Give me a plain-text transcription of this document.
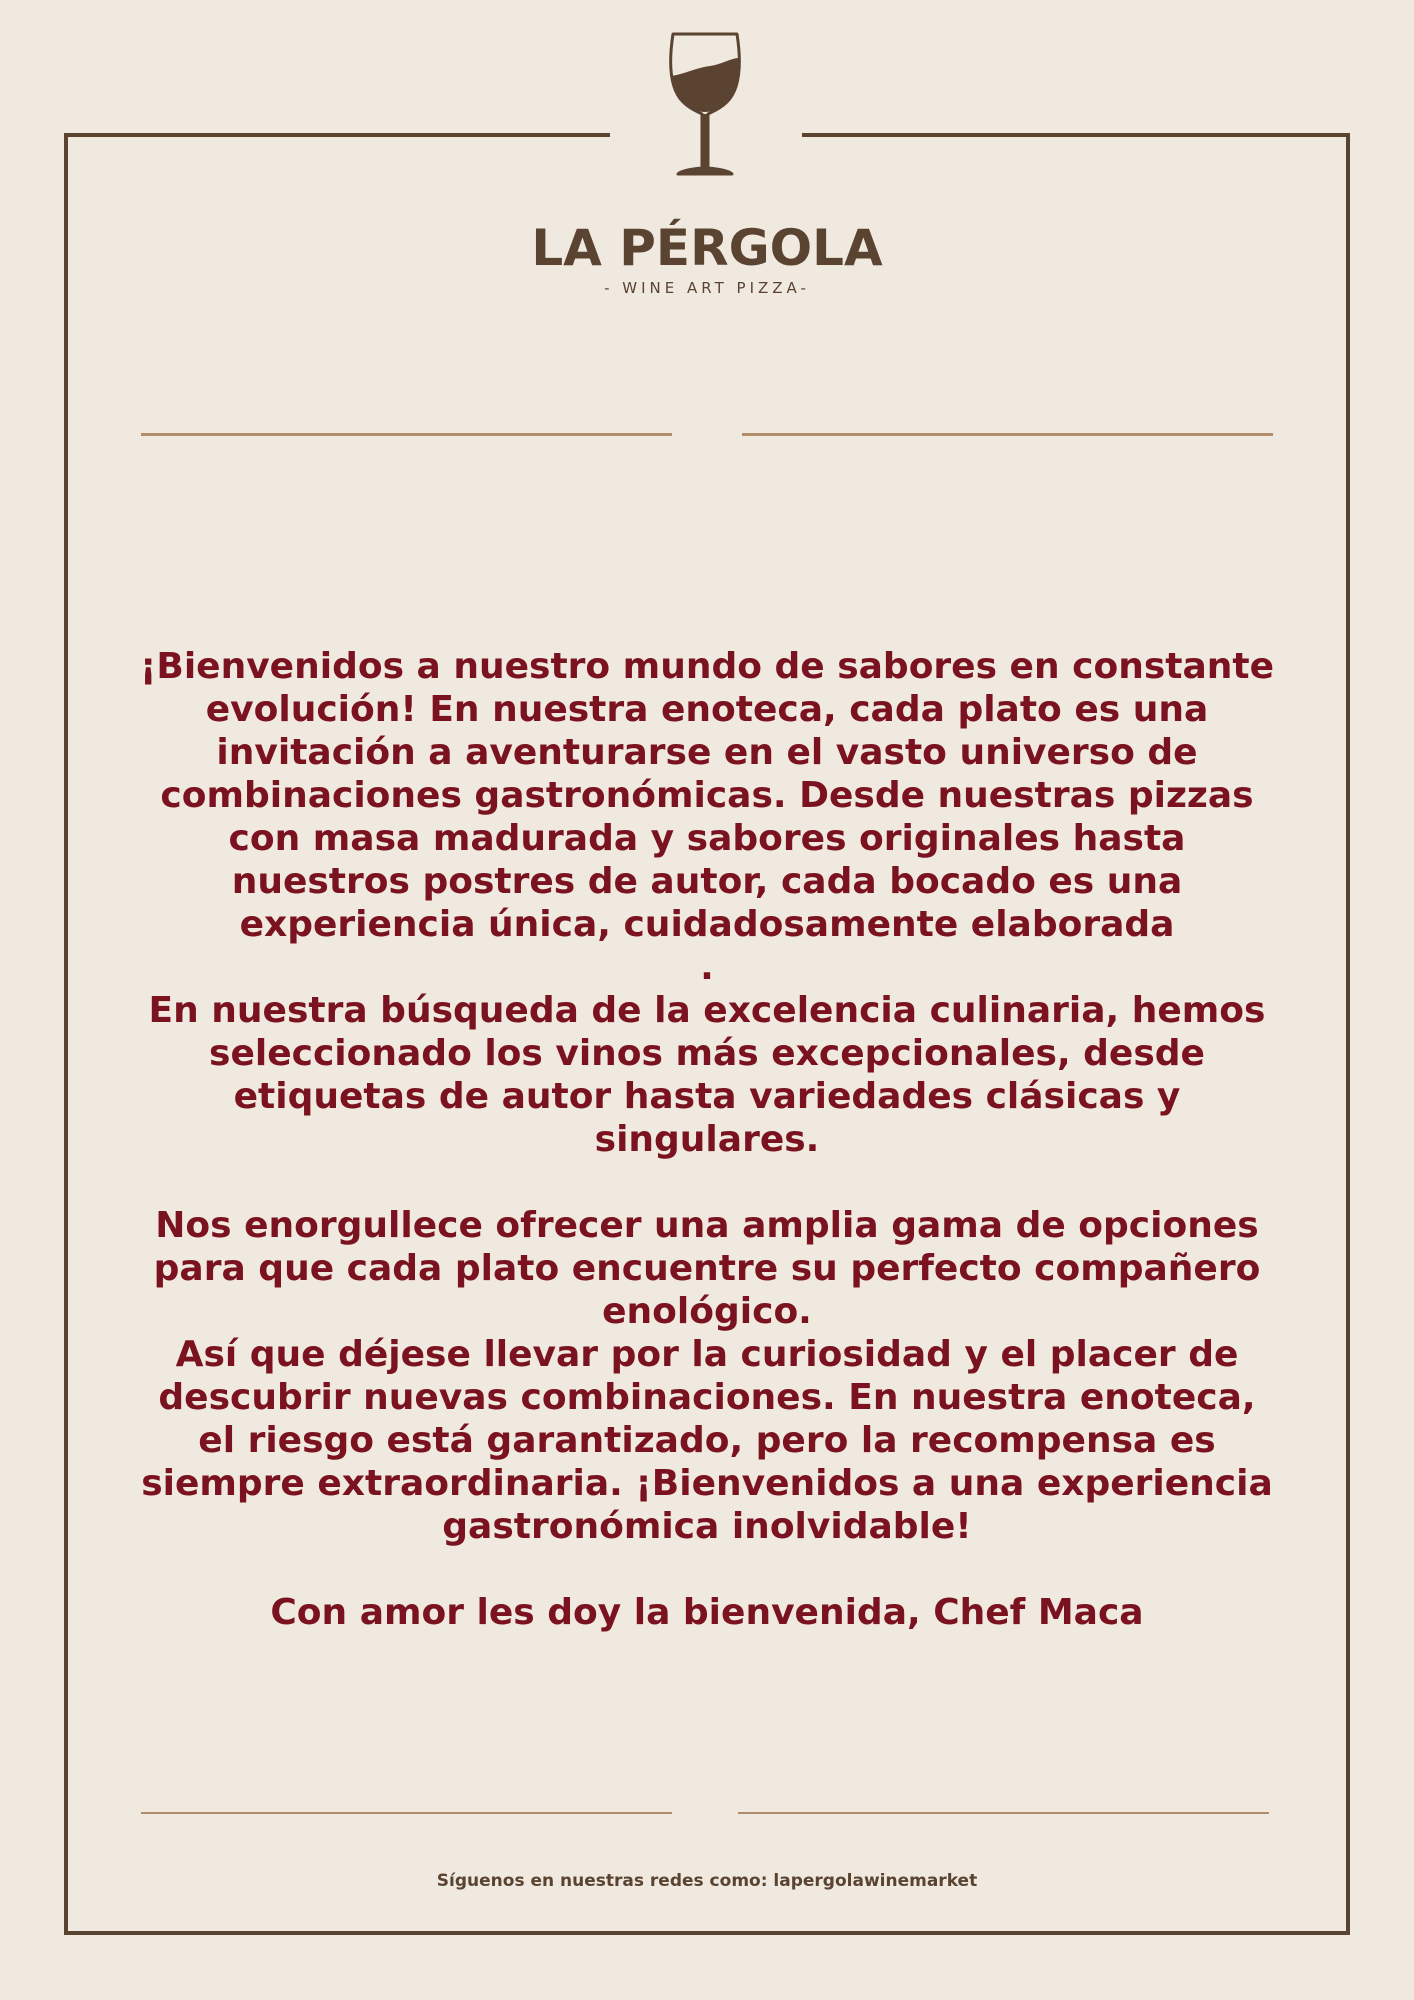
LA PÉRGOLA
- WINE ART PIZZA-

¡Bienvenidos a nuestro mundo de sabores en constante

evolución! En nuestra enoteca, cada plato es una

invitación a aventurarse en el vasto universo de

combinaciones gastronómicas. Desde nuestras pizzas

con masa madurada y sabores originales hasta

nuestros postres de autor, cada bocado es una

experiencia única, cuidadosamente elaborada

.

En nuestra búsqueda de la excelencia culinaria, hemos

seleccionado los vinos más excepcionales, desde

etiquetas de autor hasta variedades clásicas y

singulares.

Nos enorgullece ofrecer una amplia gama de opciones

para que cada plato encuentre su perfecto compañero

enológico.

Así que déjese llevar por la curiosidad y el placer de

descubrir nuevas combinaciones. En nuestra enoteca,

el riesgo está garantizado, pero la recompensa es

siempre extraordinaria. ¡Bienvenidos a una experiencia

gastronómica inolvidable!

Con amor les doy la bienvenida, Chef Maca

Síguenos en nuestras redes como: lapergolawinemarket
